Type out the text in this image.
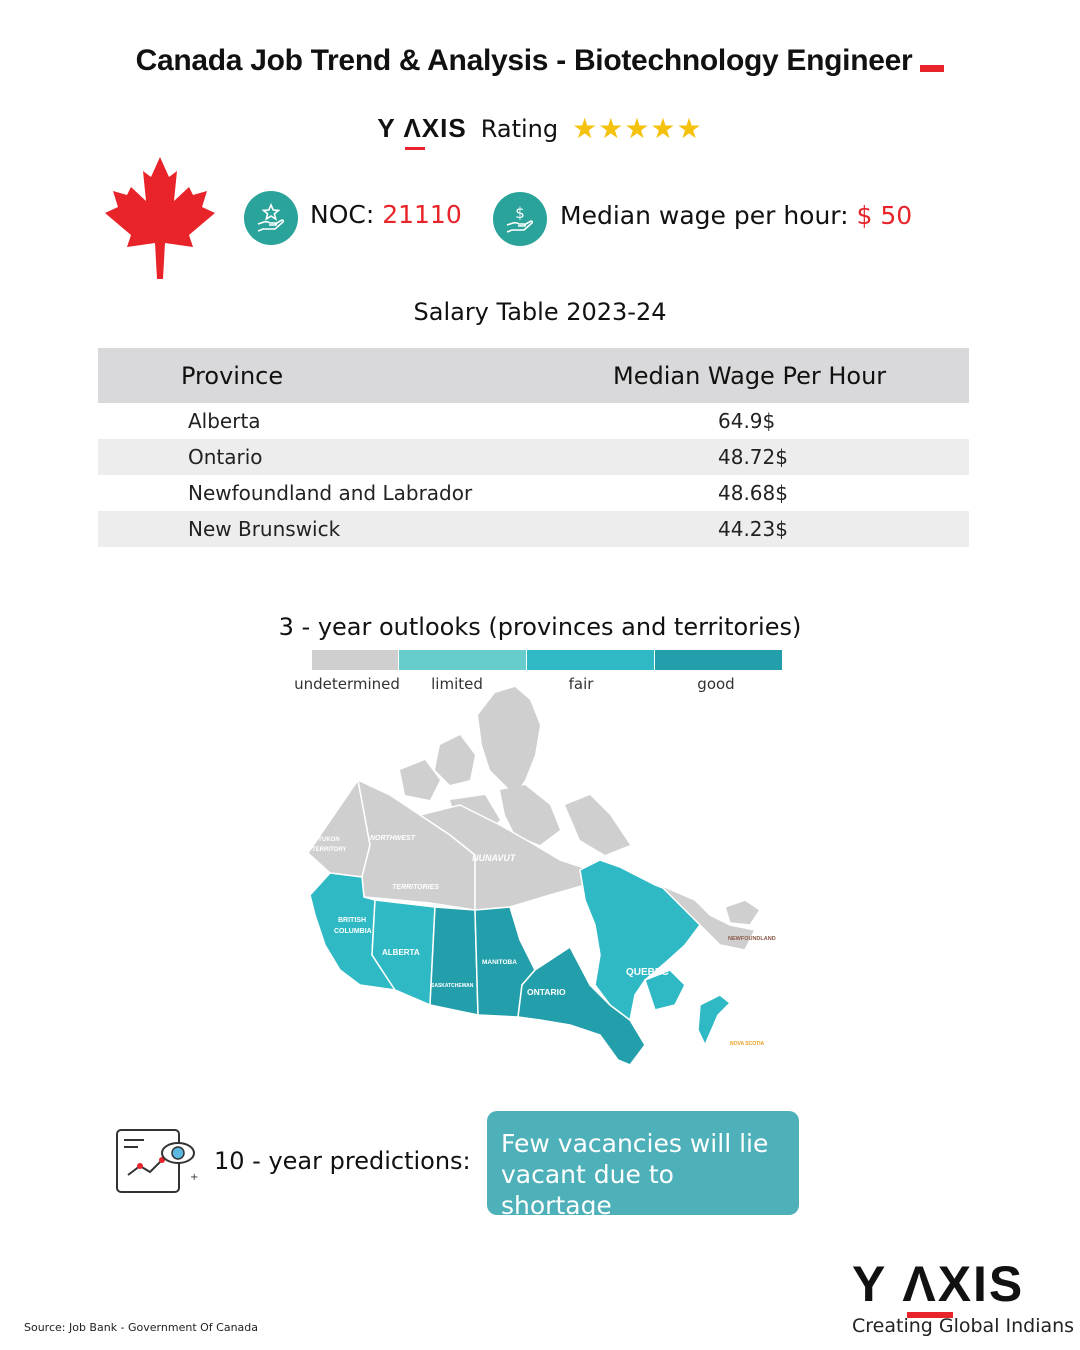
Canada Job Trend & Analysis - Biotechnology Engineer
Y ΛXIS Rating ★★★★★
NOC: 21110	$ Median wage per hour: $ 50
Salary Table 2023-24
Province	Median Wage Per Hour
Alberta	64.9$
Ontario	48.72$
Newfoundland and Labrador	48.68$
New Brunswick	44.23$
3 - year outlooks (provinces and territories)
undetermined limited	fair	good
YUKON TERRITORY
NORTHWEST
TERRITORIES
NUNAVUT
BRITISH COLUMBIA
ALBERTA
SASKATCHEWAN
MANITOBA
ONTARIO
QUEBEC
NEWFOUNDLAND
NOVA SCOTIA
+
10 - year predictions:
Few vacancies will lie vacant due to shortage
Y ΛXIS
Creating Global Indians
Source: Job Bank - Government Of Canada
